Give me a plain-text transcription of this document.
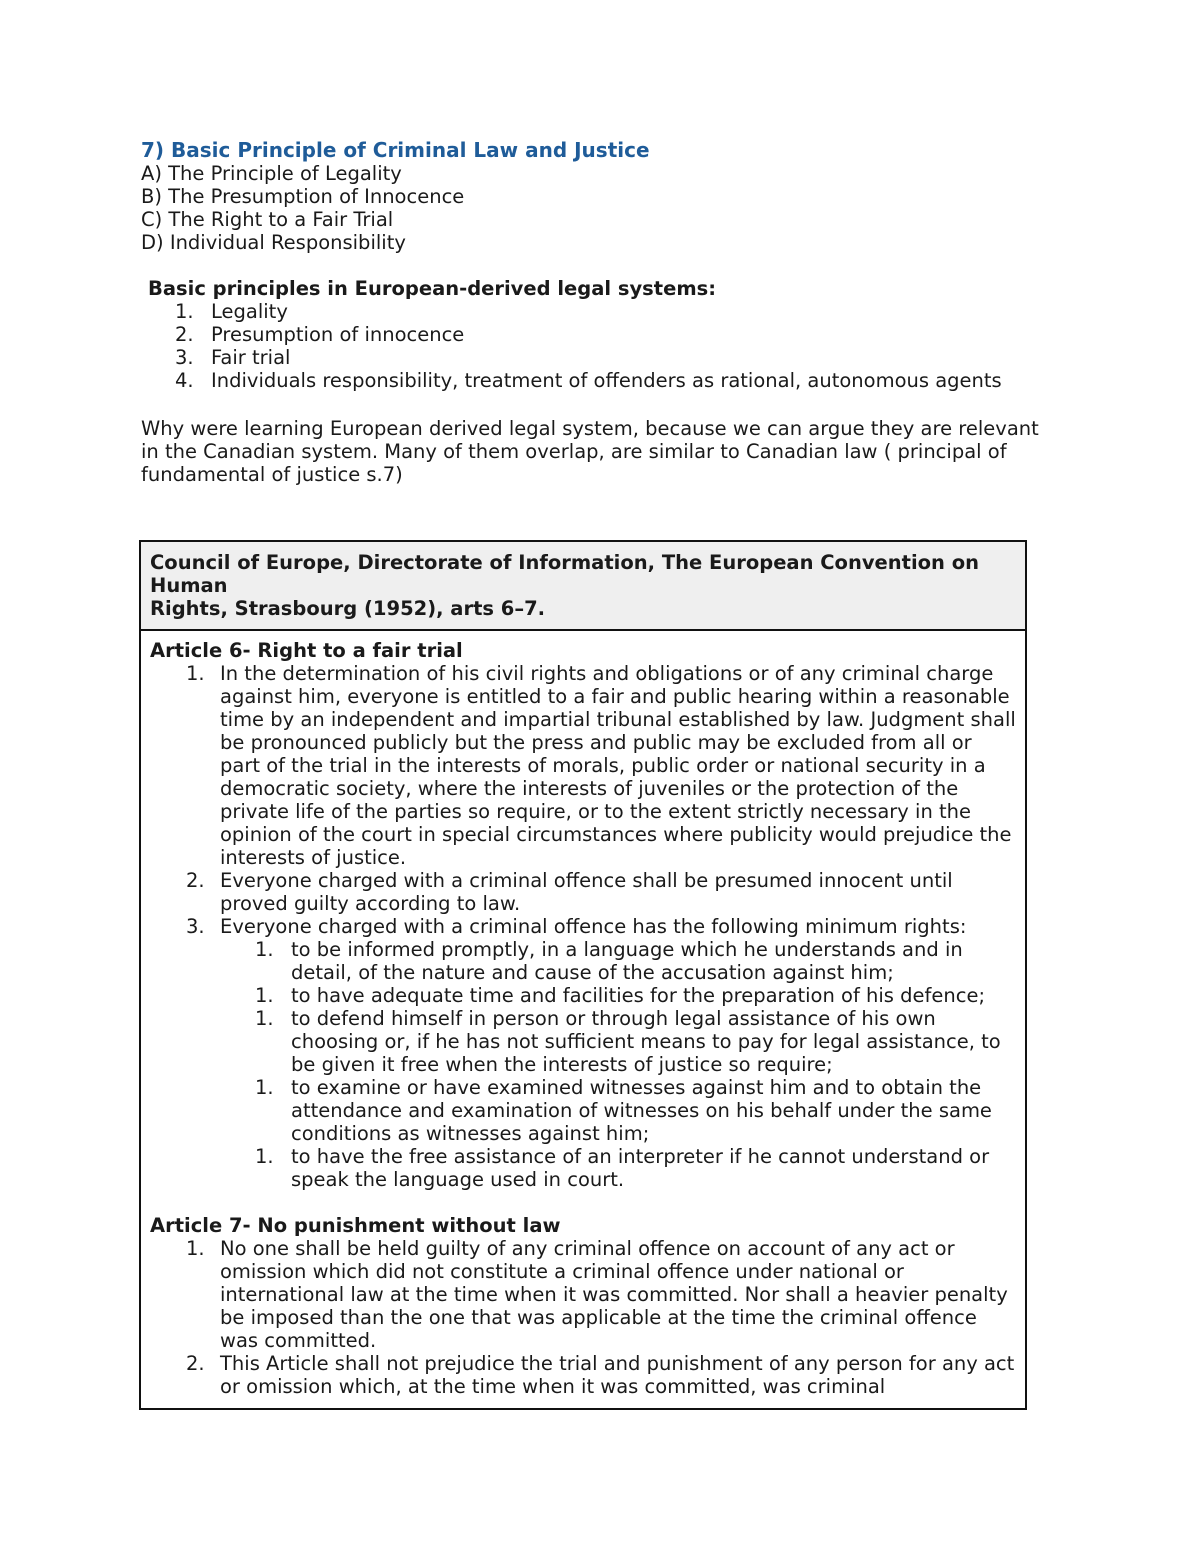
7) Basic Principle of Criminal Law and Justice

A) The Principle of Legality

B) The Presumption of Innocence

C) The Right to a Fair Trial

D) Individual Responsibility

Basic principles in European-derived legal systems:

1. Legality
2. Presumption of innocence
3. Fair trial
4. Individuals responsibility, treatment of offenders as rational, autonomous agents

Why were learning European derived legal system, because we can argue they are relevant in the Canadian system. Many of them overlap, are similar to Canadian law ( principal of fundamental of justice s.7)

Council of Europe, Directorate of Information, The European Convention on Human
Rights, Strasbourg (1952), arts 6–7.

Article 6- Right to a fair trial

1. In the determination of his civil rights and obligations or of any criminal charge against him, everyone is entitled to a fair and public hearing within a reasonable time by an independent and impartial tribunal established by law. Judgment shall be pronounced publicly but the press and public may be excluded from all or part of the trial in the interests of morals, public order or national security in a democratic society, where the interests of juveniles or the protection of the private life of the parties so require, or to the extent strictly necessary in the opinion of the court in special circumstances where publicity would prejudice the interests of justice.
2. Everyone charged with a criminal offence shall be presumed innocent until proved guilty according to law.
3. Everyone charged with a criminal offence has the following minimum rights:
1. to be informed promptly, in a language which he understands and in detail, of the nature and cause of the accusation against him;
1. to have adequate time and facilities for the preparation of his defence;
1. to defend himself in person or through legal assistance of his own choosing or, if he has not sufficient means to pay for legal assistance, to be given it free when the interests of justice so require;
1. to examine or have examined witnesses against him and to obtain the attendance and examination of witnesses on his behalf under the same conditions as witnesses against him;
1. to have the free assistance of an interpreter if he cannot understand or speak the language used in court.

Article 7- No punishment without law

1. No one shall be held guilty of any criminal offence on account of any act or omission which did not constitute a criminal offence under national or international law at the time when it was committed. Nor shall a heavier penalty be imposed than the one that was applicable at the time the criminal offence was committed.
2. This Article shall not prejudice the trial and punishment of any person for any act or omission which, at the time when it was committed, was criminal
